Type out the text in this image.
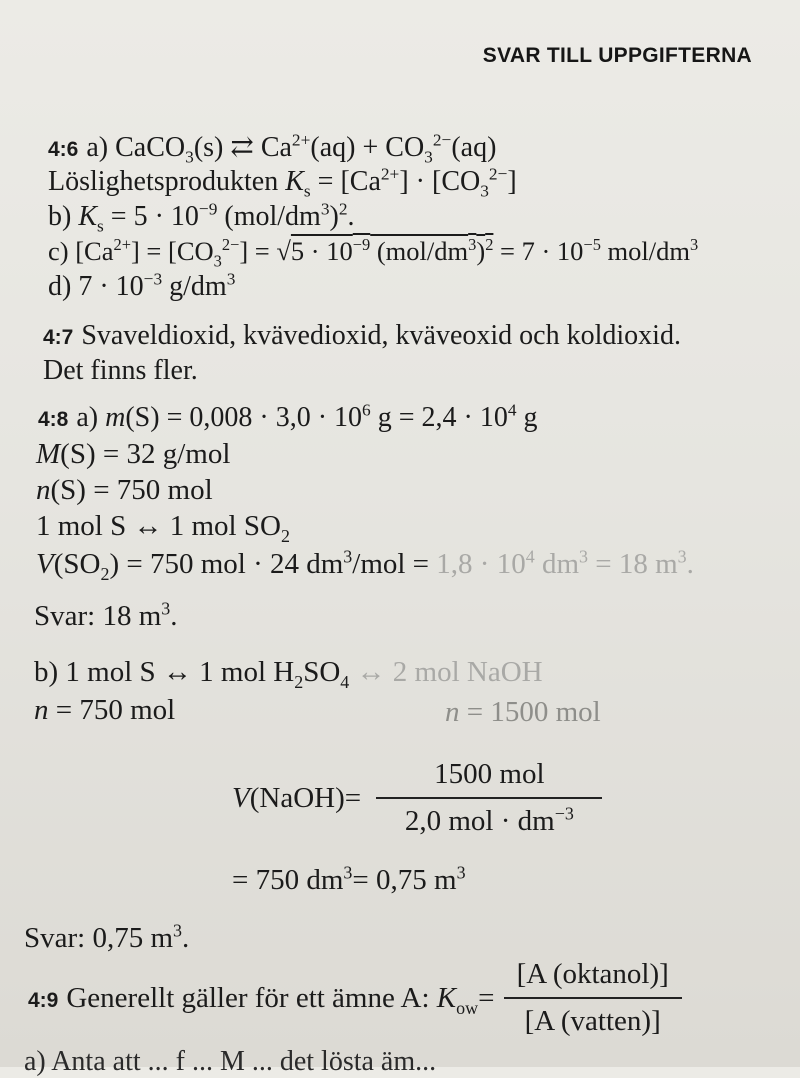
SVAR TILL UPPGIFTERNA
4:6 a) CaCO$_3$(s) ⇄ $Ca^{2+}(aq) + CO_3^{2-}(aq)$
Löslighetsprodukten $K_s = [Ca^{2+}] \cdot [CO_3^{2-}]$
b) $K_s = 5 \cdot 10^{-9}$ $(mol/dm^3)^2$.
c) $[Ca^{2+}] = [CO_3^{2-}] = √5 \cdot 10^{-9}$ $(mol/dm^3)^2 = 7 \cdot 10^{-5}$ mol/$dm^3$
d) $7 \cdot 10^{-3}$ $g/dm^3$
4:7 Svaveldioxid, kvävedioxid, kväveoxid och koldioxid.
Det finns fler.
4:8 a) $m(S) = 0,008 \cdot 3,0 \cdot 10^6$ $g = 2,4 \cdot 10^4$ g
M(S) = 32 g/mol
n(S) = 750 mol
1 mol S ↔ 1 mol $SO_2$
$V(SO_2) = 750$ mol · 24 $dm^3$/mol = $1,8 \cdot 10^4$ $dm^3 = 18$ $m^3$.
Svar: 18 $m^3$.
b) 1 mol S ↔ 1 mol $H_2SO_4$ ↔ 2 mol NaOH
n = 750 mol	n = 1500 mol
V(NaOH)= $\frac{\text{1500 mol}}{2,0 mol \cdot dm^{-3}}$
= 750 $dm^3= 0,75$ $m^3$
Svar: 0,75 $m^3$.
4:9 Generellt gäller för ett ämne A: $K_{ow}= \frac{\text{[A (oktanol)]}}{\text{[A (vatten)]}}$
a) Anta att ... f ... M ... det lösta äm...
